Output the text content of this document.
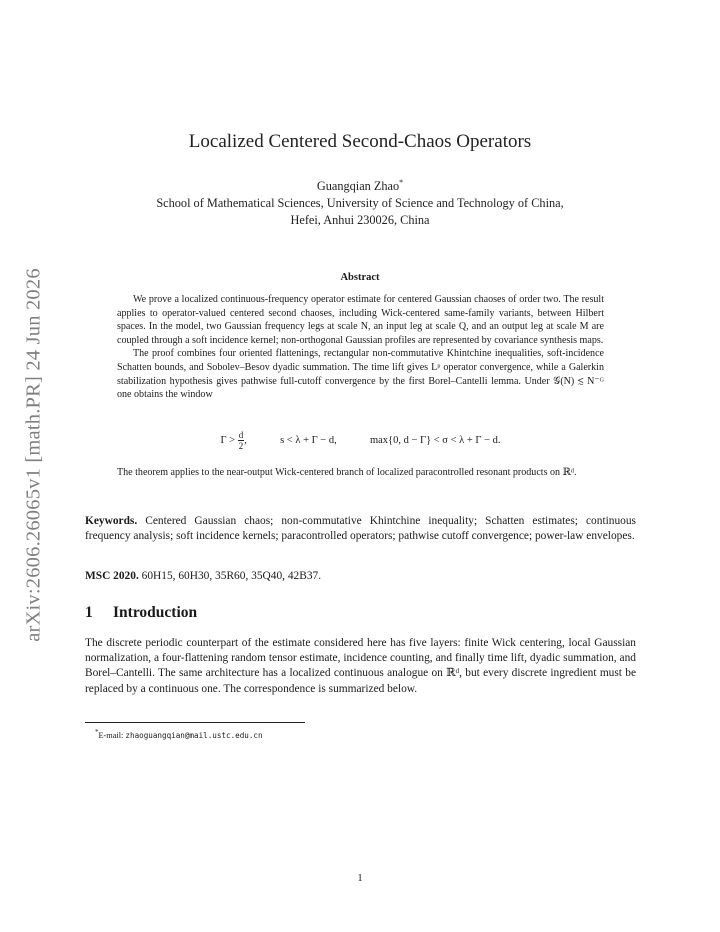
arXiv:2606.26065v1 [math.PR] 24 Jun 2026
Localized Centered Second-Chaos Operators
Guangqian Zhao*
School of Mathematical Sciences, University of Science and Technology of China,
Hefei, Anhui 230026, China
Abstract

We prove a localized continuous-frequency operator estimate for centered Gaussian chaoses of order two. The result applies to operator-valued centered second chaoses, including Wick-centered same-family variants, between Hilbert spaces. In the model, two Gaussian frequency legs at scale N, an input leg at scale Q, and an output leg at scale M are coupled through a soft incidence kernel; non-orthogonal Gaussian profiles are represented by covariance synthesis maps.

The proof combines four oriented flattenings, rectangular non-commutative Khintchine inequalities, soft-incidence Schatten bounds, and Sobolev–Besov dyadic summation. The time lift gives Lᵖ operator convergence, while a Galerkin stabilization hypothesis gives pathwise full-cutoff convergence by the first Borel–Cantelli lemma. Under 𝒢(N) ≲ N⁻ᴳ one obtains the window

$\Gamma > \frac{d}{2}$ ,	s < λ + Γ − d,	max{0, d − Γ} < σ < λ + Γ − d.
The theorem applies to the near-output Wick-centered branch of localized paracontrolled resonant products on ℝᵈ.
Keywords. Centered Gaussian chaos; non-commutative Khintchine inequality; Schatten estimates; continuous frequency analysis; soft incidence kernels; paracontrolled operators; pathwise cutoff convergence; power-law envelopes.
MSC 2020. 60H15, 60H30, 35R60, 35Q40, 42B37.
1 Introduction
The discrete periodic counterpart of the estimate considered here has five layers: finite Wick centering, local Gaussian normalization, a four-flattening random tensor estimate, incidence counting, and finally time lift, dyadic summation, and Borel–Cantelli. The same architecture has a localized continuous analogue on ℝᵈ, but every discrete ingredient must be replaced by a continuous one. The correspondence is summarized below.
*E-mail: zhaoguangqian@mail.ustc.edu.cn
1
